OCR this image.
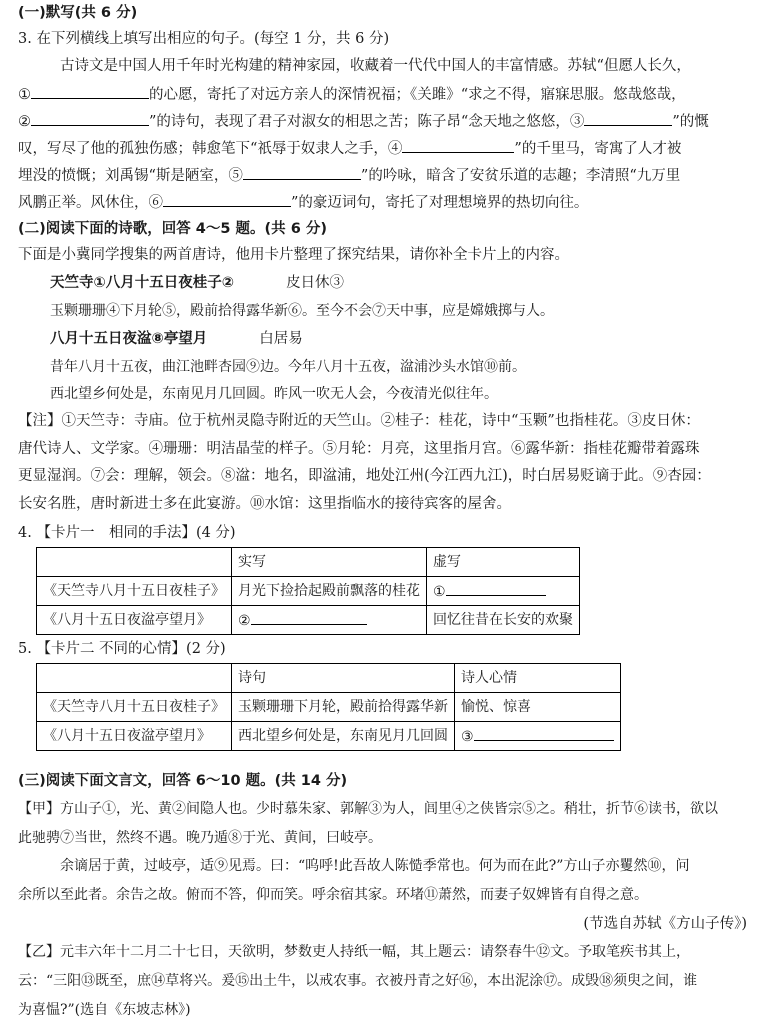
(一)默写(共 6 分)
3. 在下列横线上填写出相应的句子。(每空 1 分，共 6 分)
古诗文是中国人用千年时光构建的精神家园，收藏着一代代中国人的丰富情感。苏轼“但愿人长久，
①	的心愿，寄托了对远方亲人的深情祝福；《关雎》“求之不得，寤寐思服。悠哉悠哉，
②	”的诗句，表现了君子对淑女的相思之苦；陈子昂“念天地之悠悠，③	”的慨
叹，写尽了他的孤独伤感；韩愈笔下“祇辱于奴隶人之手，④	”的千里马，寄寓了人才被
埋没的愤慨；刘禹锡“斯是陋室，⑤	”的吟咏，暗含了安贫乐道的志趣；李清照“九万里
风鹏正举。风休住，⑥	”的豪迈词句，寄托了对理想境界的热切向往。
(二)阅读下面的诗歌，回答 4～5 题。(共 6 分)
下面是小冀同学搜集的两首唐诗，他用卡片整理了探究结果，请你补全卡片上的内容。
天竺寺①八月十五日夜桂子②	皮日休③
玉颗珊珊④下月轮⑤，殿前拾得露华新⑥。至今不会⑦天中事，应是嫦娥掷与人。
八月十五日夜湓⑧亭望月	白居易
昔年八月十五夜，曲江池畔杏园⑨边。今年八月十五夜，湓浦沙头水馆⑩前。
西北望乡何处是，东南见月几回圆。昨风一吹无人会，今夜清光似往年。
【注】①天竺寺：寺庙。位于杭州灵隐寺附近的天竺山。②桂子：桂花，诗中“玉颗”也指桂花。③皮日休：
唐代诗人、文学家。④珊珊：明洁晶莹的样子。⑤月轮：月亮，这里指月宫。⑥露华新：指桂花瓣带着露珠
更显湿润。⑦会：理解，领会。⑧湓：地名，即湓浦，地处江州(今江西九江)，时白居易贬谪于此。⑨杏园：
长安名胜，唐时新进士多在此宴游。⑩水馆：这里指临水的接待宾客的屋舍。
4. 【卡片一　相同的手法】(4 分)
	实写	虚写
《天竺寺八月十五日夜桂子》	月光下捡拾起殿前飘落的桂花	①
《八月十五日夜湓亭望月》	②	回忆往昔在长安的欢聚
5. 【卡片二 不同的心情】(2 分)
	诗句	诗人心情
《天竺寺八月十五日夜桂子》	玉颗珊珊下月轮，殿前拾得露华新	愉悦、惊喜
《八月十五日夜湓亭望月》	西北望乡何处是，东南见月几回圆	③
(三)阅读下面文言文，回答 6～10 题。(共 14 分)
【甲】方山子①，光、黄②间隐人也。少时慕朱家、郭解③为人，闾里④之侠皆宗⑤之。稍壮，折节⑥读书，欲以
此驰骋⑦当世，然终不遇。晚乃遁⑧于光、黄间，曰岐亭。
余谪居于黄，过岐亭，适⑨见焉。曰：“呜呼!此吾故人陈慥季常也。何为而在此?”方山子亦矍然⑩，问
余所以至此者。余告之故。俯而不答，仰而笑。呼余宿其家。环堵⑪萧然，而妻子奴婢皆有自得之意。
(节选自苏轼《方山子传》)
【乙】元丰六年十二月二十七日，天欲明，梦数吏人持纸一幅，其上题云：请祭春牛⑫文。予取笔疾书其上，
云：“三阳⑬既至，庶⑭草将兴。爰⑮出土牛，以戒农事。衣被丹青之好⑯，本出泥涂⑰。成毁⑱须臾之间，谁
为喜愠?”(选自《东坡志林》)
